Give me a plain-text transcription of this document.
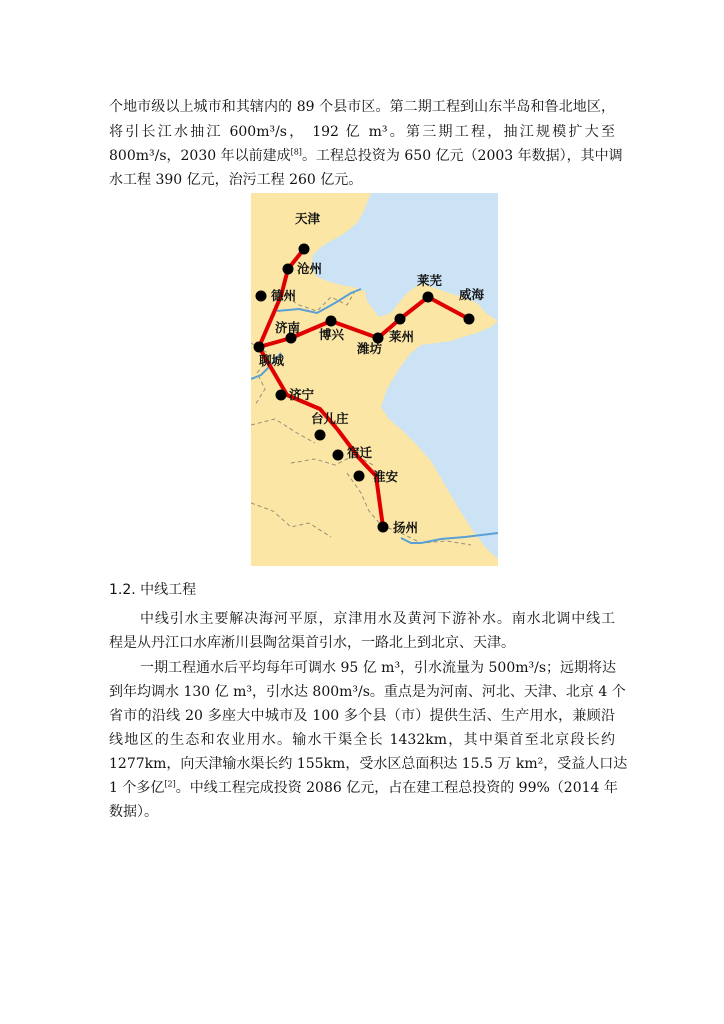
个地市级以上城市和其辖内的 89 个县市区。第二期工程到山东半岛和鲁北地区，
将引长江水抽江 600m³/s， 192 亿 m³。第三期工程，抽江规模扩大至
800m³/s，2030 年以前建成[8]。工程总投资为 650 亿元（2003 年数据），其中调
水工程 390 亿元，治污工程 260 亿元。
天津
沧州
德州
济南
聊城
博兴
潍坊
莱州
莱芜
威海
济宁
台儿庄
宿迁
淮安
扬州
1.2. 中线工程
中线引水主要解决海河平原，京津用水及黄河下游补水。南水北调中线工
程是从丹江口水库淅川县陶岔渠首引水，一路北上到北京、天津。
一期工程通水后平均每年可调水 95 亿 m³，引水流量为 500m³/s；远期将达
到年均调水 130 亿 m³，引水达 800m³/s。重点是为河南、河北、天津、北京 4 个
省市的沿线 20 多座大中城市及 100 多个县（市）提供生活、生产用水，兼顾沿
线地区的生态和农业用水。输水干渠全长 1432km，其中渠首至北京段长约
1277km，向天津输水渠长约 155km，受水区总面积达 15.5 万 km²，受益人口达
1 个多亿[2]。中线工程完成投资 2086 亿元，占在建工程总投资的 99%（2014 年
数据）。
